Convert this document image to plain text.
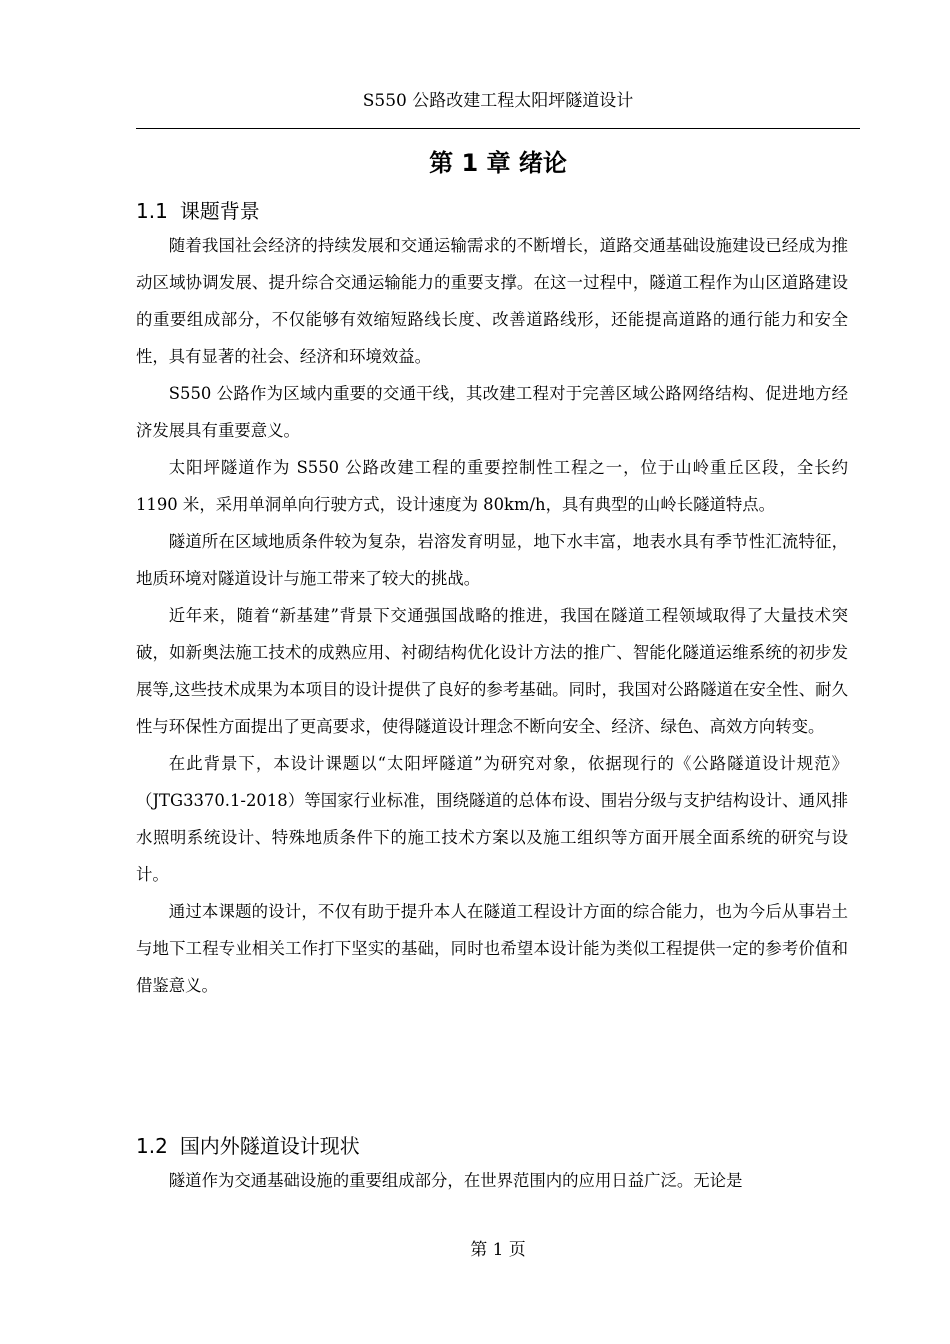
S550 公路改建工程太阳坪隧道设计
第 1 章 绪论
1.1 课题背景

随着我国社会经济的持续发展和交通运输需求的不断增长，道路交通基础设施建设已经成为推动区域协调发展、提升综合交通运输能力的重要支撑。在这一过程中，隧道工程作为山区道路建设的重要组成部分，不仅能够有效缩短路线长度、改善道路线形，还能提高道路的通行能力和安全性，具有显著的社会、经济和环境效益。

S550 公路作为区域内重要的交通干线，其改建工程对于完善区域公路网络结构、促进地方经济发展具有重要意义。

太阳坪隧道作为 S550 公路改建工程的重要控制性工程之一，位于山岭重丘区段，全长约 1190 米，采用单洞单向行驶方式，设计速度为 80km/h，具有典型的山岭长隧道特点。

隧道所在区域地质条件较为复杂，岩溶发育明显，地下水丰富，地表水具有季节性汇流特征，地质环境对隧道设计与施工带来了较大的挑战。

近年来，随着“新基建”背景下交通强国战略的推进，我国在隧道工程领域取得了大量技术突破，如新奥法施工技术的成熟应用、衬砌结构优化设计方法的推广、智能化隧道运维系统的初步发展等,这些技术成果为本项目的设计提供了良好的参考基础。同时，我国对公路隧道在安全性、耐久性与环保性方面提出了更高要求，使得隧道设计理念不断向安全、经济、绿色、高效方向转变。

在此背景下，本设计课题以“太阳坪隧道”为研究对象，依据现行的《公路隧道设计规范》（JTG3370.1-2018）等国家行业标准，围绕隧道的总体布设、围岩分级与支护结构设计、通风排水照明系统设计、特殊地质条件下的施工技术方案以及施工组织等方面开展全面系统的研究与设计。

通过本课题的设计，不仅有助于提升本人在隧道工程设计方面的综合能力，也为今后从事岩土与地下工程专业相关工作打下坚实的基础，同时也希望本设计能为类似工程提供一定的参考价值和借鉴意义。

1.2 国内外隧道设计现状

隧道作为交通基础设施的重要组成部分，在世界范围内的应用日益广泛。无论是

第 1 页
